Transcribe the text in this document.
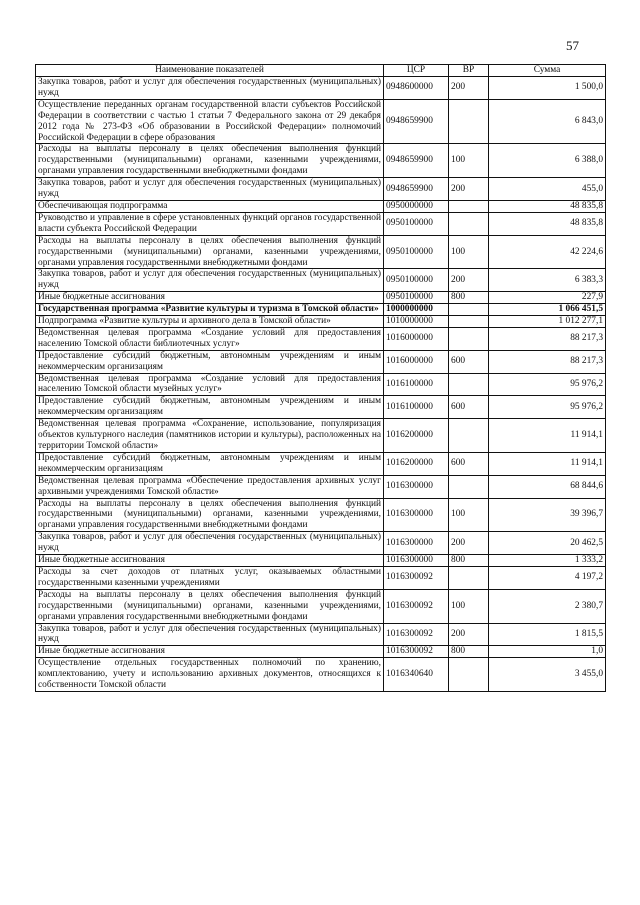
57
Наименование показателей	ЦСР	ВР	Сумма
Закупка товаров, работ и услуг для обеспечения государственных (муниципальных) нужд	0948600000	200	1 500,0
Осуществление переданных органам государственной власти субъектов Российской Федерации в соответствии с частью 1 статьи 7 Федерального закона от 29 декабря 2012 года № 273-ФЗ «Об образовании в Российской Федерации» полномочий Российской Федерации в сфере образования	0948659900		6 843,0
Расходы на выплаты персоналу в целях обеспечения выполнения функций государственными (муниципальными) органами, казенными учреждениями, органами управления государственными внебюджетными фондами	0948659900	100	6 388,0
Закупка товаров, работ и услуг для обеспечения государственных (муниципальных) нужд	0948659900	200	455,0
Обеспечивающая подпрограмма	0950000000		48 835,8
Руководство и управление в сфере установленных функций органов государственной власти субъекта Российской Федерации	0950100000		48 835,8
Расходы на выплаты персоналу в целях обеспечения выполнения функций государственными (муниципальными) органами, казенными учреждениями, органами управления государственными внебюджетными фондами	0950100000	100	42 224,6
Закупка товаров, работ и услуг для обеспечения государственных (муниципальных) нужд	0950100000	200	6 383,3
Иные бюджетные ассигнования	0950100000	800	227,9
Государственная программа «Развитие культуры и туризма в Томской области»	1000000000		1 066 451,5
Подпрограмма «Развитие культуры и архивного дела в Томской области»	1010000000		1 012 277,1
Ведомственная целевая программа «Создание условий для предоставления населению Томской области библиотечных услуг»	1016000000		88 217,3
Предоставление субсидий бюджетным, автономным учреждениям и иным некоммерческим организациям	1016000000	600	88 217,3
Ведомственная целевая программа «Создание условий для предоставления населению Томской области музейных услуг»	1016100000		95 976,2
Предоставление субсидий бюджетным, автономным учреждениям и иным некоммерческим организациям	1016100000	600	95 976,2
Ведомственная целевая программа «Сохранение, использование, популяризация объектов культурного наследия (памятников истории и культуры), расположенных на территории Томской области»	1016200000		11 914,1
Предоставление субсидий бюджетным, автономным учреждениям и иным некоммерческим организациям	1016200000	600	11 914,1
Ведомственная целевая программа «Обеспечение предоставления архивных услуг архивными учреждениями Томской области»	1016300000		68 844,6
Расходы на выплаты персоналу в целях обеспечения выполнения функций государственными (муниципальными) органами, казенными учреждениями, органами управления государственными внебюджетными фондами	1016300000	100	39 396,7
Закупка товаров, работ и услуг для обеспечения государственных (муниципальных) нужд	1016300000	200	20 462,5
Иные бюджетные ассигнования	1016300000	800	1 333,2
Расходы за счет доходов от платных услуг, оказываемых областными государственными казенными учреждениями	1016300092		4 197,2
Расходы на выплаты персоналу в целях обеспечения выполнения функций государственными (муниципальными) органами, казенными учреждениями, органами управления государственными внебюджетными фондами	1016300092	100	2 380,7
Закупка товаров, работ и услуг для обеспечения государственных (муниципальных) нужд	1016300092	200	1 815,5
Иные бюджетные ассигнования	1016300092	800	1,0
Осуществление отдельных государственных полномочий по хранению, комплектованию, учету и использованию архивных документов, относящихся к собственности Томской области	1016340640		3 455,0
